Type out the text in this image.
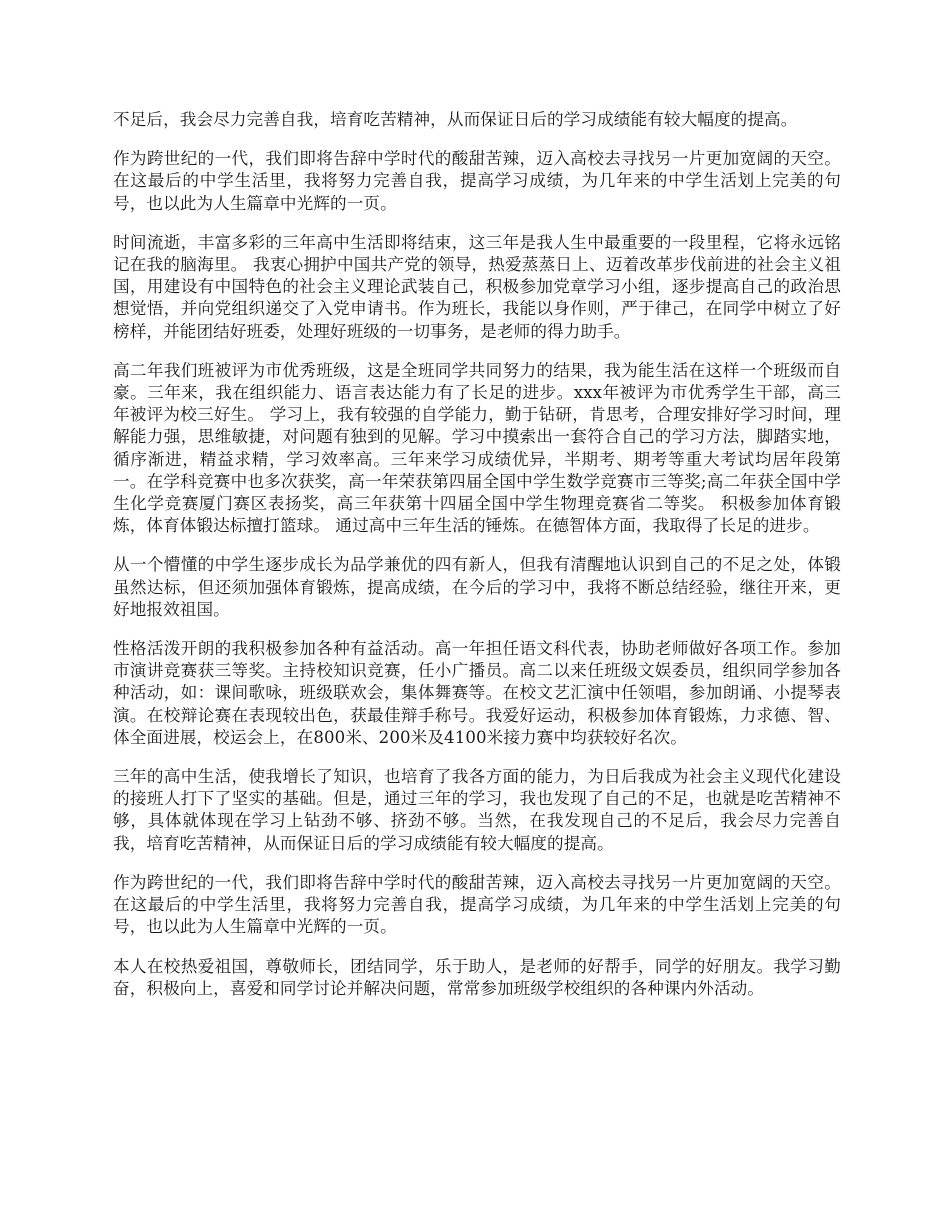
不足后，我会尽力完善自我，培育吃苦精神，从而保证日后的学习成绩能有较大幅度的提高。

作为跨世纪的一代，我们即将告辞中学时代的酸甜苦辣，迈入高校去寻找另一片更加宽阔的天空。在这最后的中学生活里，我将努力完善自我，提高学习成绩，为几年来的中学生活划上完美的句号，也以此为人生篇章中光辉的一页。

时间流逝，丰富多彩的三年高中生活即将结束，这三年是我人生中最重要的一段里程，它将永远铭记在我的脑海里。 我衷心拥护中国共产党的领导，热爱蒸蒸日上、迈着改革步伐前进的社会主义祖国，用建设有中国特色的社会主义理论武装自己，积极参加党章学习小组，逐步提高自己的政治思想觉悟，并向党组织递交了入党申请书。作为班长，我能以身作则，严于律己，在同学中树立了好榜样，并能团结好班委，处理好班级的一切事务，是老师的得力助手。

高二年我们班被评为市优秀班级，这是全班同学共同努力的结果，我为能生活在这样一个班级而自豪。三年来，我在组织能力、语言表达能力有了长足的进步。xxx年被评为市优秀学生干部，高三年被评为校三好生。 学习上，我有较强的自学能力，勤于钻研，肯思考，合理安排好学习时间，理解能力强，思维敏捷，对问题有独到的见解。学习中摸索出一套符合自己的学习方法，脚踏实地，循序渐进，精益求精，学习效率高。三年来学习成绩优异，半期考、期考等重大考试均居年段第一。在学科竞赛中也多次获奖，高一年荣获第四届全国中学生数学竞赛市三等奖;高二年获全国中学生化学竞赛厦门赛区表扬奖，高三年获第十四届全国中学生物理竞赛省二等奖。 积极参加体育锻炼，体育体锻达标擅打篮球。 通过高中三年生活的锤炼。在德智体方面，我取得了长足的进步。

从一个懵懂的中学生逐步成长为品学兼优的四有新人，但我有清醒地认识到自己的不足之处，体锻虽然达标，但还须加强体育锻炼，提高成绩，在今后的学习中，我将不断总结经验，继往开来，更好地报效祖国。

性格活泼开朗的我积极参加各种有益活动。高一年担任语文科代表，协助老师做好各项工作。参加市演讲竞赛获三等奖。主持校知识竞赛，任小广播员。高二以来任班级文娱委员，组织同学参加各种活动，如：课间歌咏，班级联欢会，集体舞赛等。在校文艺汇演中任领唱，参加朗诵、小提琴表演。在校辩论赛在表现较出色，获最佳辩手称号。我爱好运动，积极参加体育锻炼，力求德、智、体全面进展，校运会上，在800米、200米及4100米接力赛中均获较好名次。

三年的高中生活，使我增长了知识，也培育了我各方面的能力，为日后我成为社会主义现代化建设的接班人打下了坚实的基础。但是，通过三年的学习，我也发现了自己的不足，也就是吃苦精神不够，具体就体现在学习上钻劲不够、挤劲不够。当然，在我发现自己的不足后，我会尽力完善自我，培育吃苦精神，从而保证日后的学习成绩能有较大幅度的提高。

作为跨世纪的一代，我们即将告辞中学时代的酸甜苦辣，迈入高校去寻找另一片更加宽阔的天空。在这最后的中学生活里，我将努力完善自我，提高学习成绩，为几年来的中学生活划上完美的句号，也以此为人生篇章中光辉的一页。

本人在校热爱祖国，尊敬师长，团结同学，乐于助人，是老师的好帮手，同学的好朋友。我学习勤奋，积极向上，喜爱和同学讨论并解决问题，常常参加班级学校组织的各种课内外活动。
